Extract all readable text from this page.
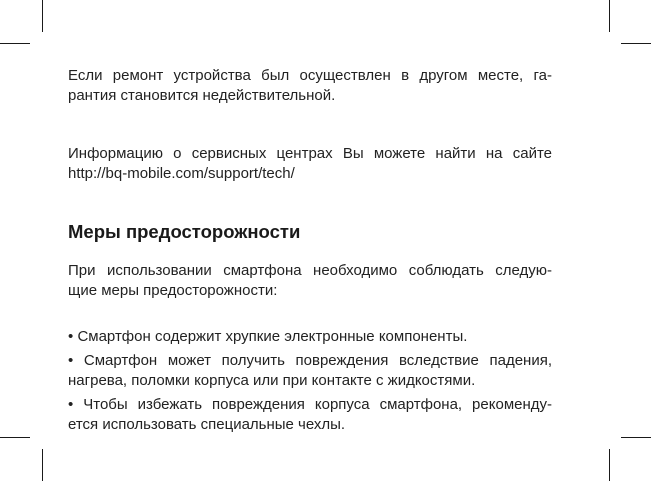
Если ремонт устройства был осуществлен в другом месте, га-

рантия становится недействительной.

Информацию о сервисных центрах Вы можете найти на сайте

http://bq-mobile.com/support/tech/

Меры предосторожности

При использовании смартфона необходимо соблюдать следую-

щие меры предосторожности:

• Смартфон содержит хрупкие электронные компоненты.

• Смартфон может получить повреждения вследствие падения,

нагрева, поломки корпуса или при контакте с жидкостями.

• Чтобы избежать повреждения корпуса смартфона, рекоменду-

ется использовать специальные чехлы.
